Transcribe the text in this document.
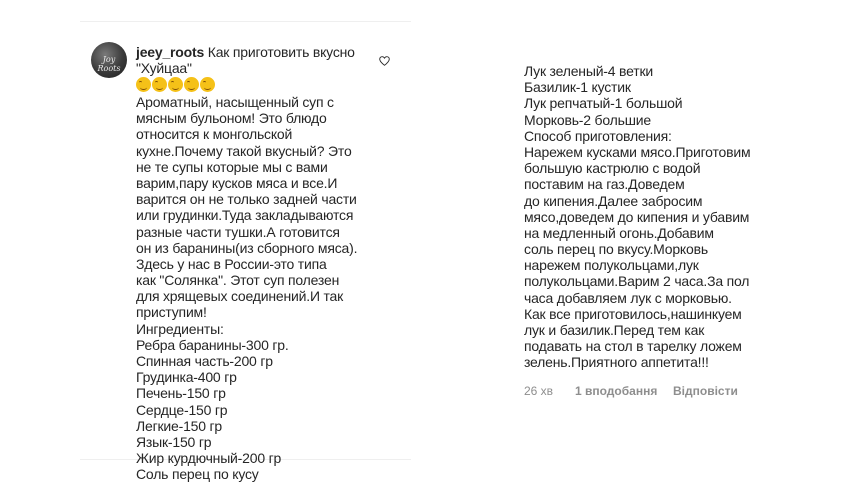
Joy Roots
jeey_roots Как приготовить вкусно "Хуйцаа"
Ароматный, насыщенный суп с
мясным бульоном! Это блюдо
относится к монгольской
кухне.Почему такой вкусный? Это
не те супы которые мы с вами
варим,пару кусков мяса и все.И
варится он не только задней части
или грудинки.Туда закладываются
разные части тушки.А готовится
он из баранины(из сборного мяса).
Здесь у нас в России-это типа
как "Солянка". Этот суп полезен
для хрящевых соединений.И так
приступим!
Ингредиенты:
Ребра баранины-300 гр.
Спинная часть-200 гр
Грудинка-400 гр
Печень-150 гр
Сердце-150 гр
Легкие-150 гр
Язык-150 гр
Жир курдючный-200 гр
Соль перец по кусу
Лук зеленый-4 ветки
Базилик-1 кустик
Лук репчатый-1 большой
Морковь-2 большие
Способ приготовления:
Нарежем кусками мясо.Приготовим
большую кастрюлю с водой
поставим на газ.Доведем
до кипения.Далее забросим
мясо,доведем до кипения и убавим
на медленный огонь.Добавим
соль перец по вкусу.Морковь
нарежем полукольцами,лук
полукольцами.Варим 2 часа.За пол
часа добавляем лук с морковью.
Как все приготовилось,нашинкуем
лук и базилик.Перед тем как
подавать на стол в тарелку ложем
зелень.Приятного аппетита!!!
26 хв 1 вподобання Відповісти
